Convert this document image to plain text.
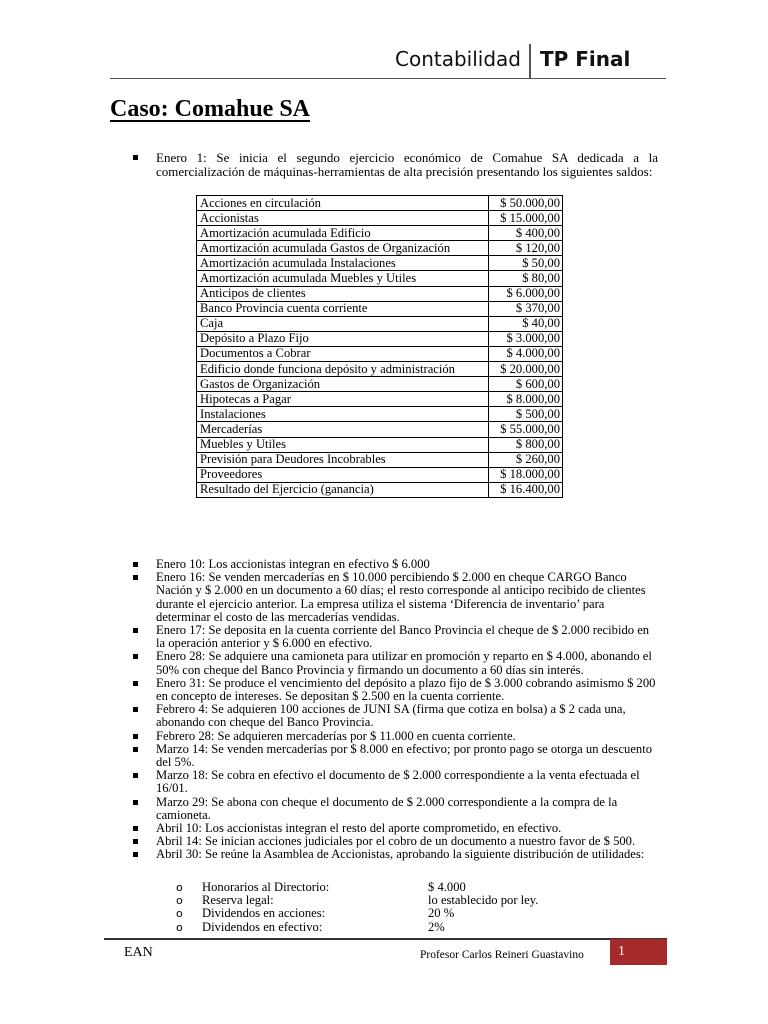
Contabilidad TP Final
Caso: Comahue SA
Enero 1: Se inicia el segundo ejercicio económico de Comahue SA dedicada a la comercialización de máquinas-herramientas de alta precisión presentando los siguientes saldos:
Acciones en circulación	$ 50.000,00
Accionistas	$ 15.000,00
Amortización acumulada Edificio	$ 400,00
Amortización acumulada Gastos de Organización	$ 120,00
Amortización acumulada Instalaciones	$ 50,00
Amortización acumulada Muebles y Utiles	$ 80,00
Anticipos de clientes	$ 6.000,00
Banco Provincia cuenta corriente	$ 370,00
Caja	$ 40,00
Depósito a Plazo Fijo	$ 3.000,00
Documentos a Cobrar	$ 4.000,00
Edificio donde funciona depósito y administración	$ 20.000,00
Gastos de Organización	$ 600,00
Hipotecas a Pagar	$ 8.000,00
Instalaciones	$ 500,00
Mercaderías	$ 55.000,00
Muebles y Utiles	$ 800,00
Previsión para Deudores Incobrables	$ 260,00
Proveedores	$ 18.000,00
Resultado del Ejercicio (ganancia)	$ 16.400,00
Enero 10: Los accionistas integran en efectivo $ 6.000
Enero 16: Se venden mercaderías en $ 10.000 percibiendo $ 2.000 en cheque CARGO Banco Nación y $ 2.000 en un documento a 60 días; el resto corresponde al anticipo recibido de clientes durante el ejercicio anterior. La empresa utiliza el sistema ‘Diferencia de inventario’ para determinar el costo de las mercaderías vendidas.
Enero 17: Se deposita en la cuenta corriente del Banco Provincia el cheque de $ 2.000 recibido en la operación anterior y $ 6.000 en efectivo.
Enero 28: Se adquiere una camioneta para utilizar en promoción y reparto en $ 4.000, abonando el 50% con cheque del Banco Provincia y firmando un documento a 60 días sin interés.
Enero 31: Se produce el vencimiento del depósito a plazo fijo de $ 3.000 cobrando asimismo $ 200 en concepto de intereses. Se depositan $ 2.500 en la cuenta corriente.
Febrero 4: Se adquieren 100 acciones de JUNI SA (firma que cotiza en bolsa) a $ 2 cada una, abonando con cheque del Banco Provincia.
Febrero 28: Se adquieren mercaderías por $ 11.000 en cuenta corriente.
Marzo 14: Se venden mercaderías por $ 8.000 en efectivo; por pronto pago se otorga un descuento del 5%.
Marzo 18: Se cobra en efectivo el documento de $ 2.000 correspondiente a la venta efectuada el 16/01.
Marzo 29: Se abona con cheque el documento de $ 2.000 correspondiente a la compra de la camioneta.
Abril 10: Los accionistas integran el resto del aporte comprometido, en efectivo.
Abril 14: Se inician acciones judiciales por el cobro de un documento a nuestro favor de $ 500.
Abril 30: Se reúne la Asamblea de Accionistas, aprobando la siguiente distribución de utilidades:
o Honorarios al Directorio:	$ 4.000
o Reserva legal:	lo establecido por ley.
o Dividendos en acciones:	20 %
o Dividendos en efectivo:	2%
EAN	Profesor Carlos Reineri Guastavino	1
